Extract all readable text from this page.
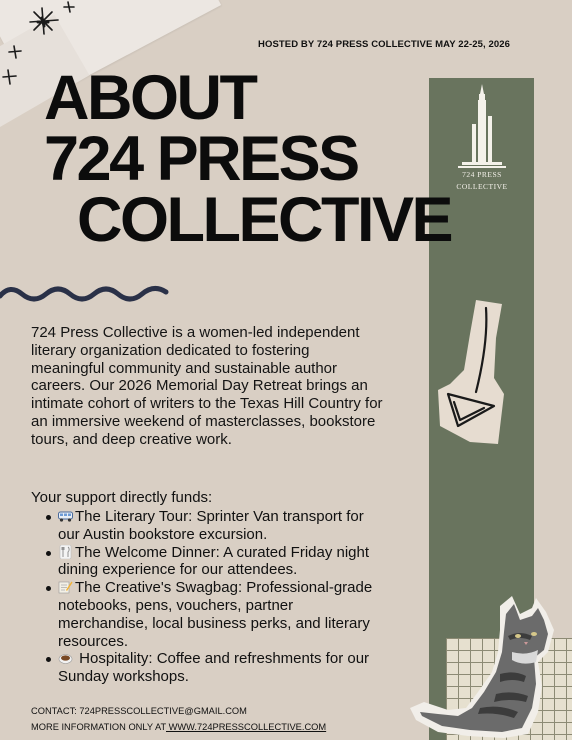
HOSTED BY 724 PRESS COLLECTIVE MAY 22-25, 2026
724 PRESS
COLLECTIVE
ABOUT
724 PRESS
COLLECTIVE

724 Press Collective is a women-led independent literary organization dedicated to fostering meaningful community and sustainable author careers. Our 2026 Memorial Day Retreat brings an intimate cohort of writers to the Texas Hill Country for an immersive weekend of masterclasses, bookstore tours, and deep creative work.

Your support directly funds:
The Literary Tour: Sprinter Van transport for our Austin bookstore excursion.
The Welcome Dinner: A curated Friday night dining experience for our attendees.
The Creative's Swagbag: Professional-grade notebooks, pens, vouchers, partner merchandise, local business perks, and literary resources.
Hospitality: Coffee and refreshments for our Sunday workshops.
CONTACT: 724PRESSCOLLECTIVE@GMAIL.COM
MORE INFORMATION ONLY AT WWW.724PRESSCOLLECTIVE.COM
